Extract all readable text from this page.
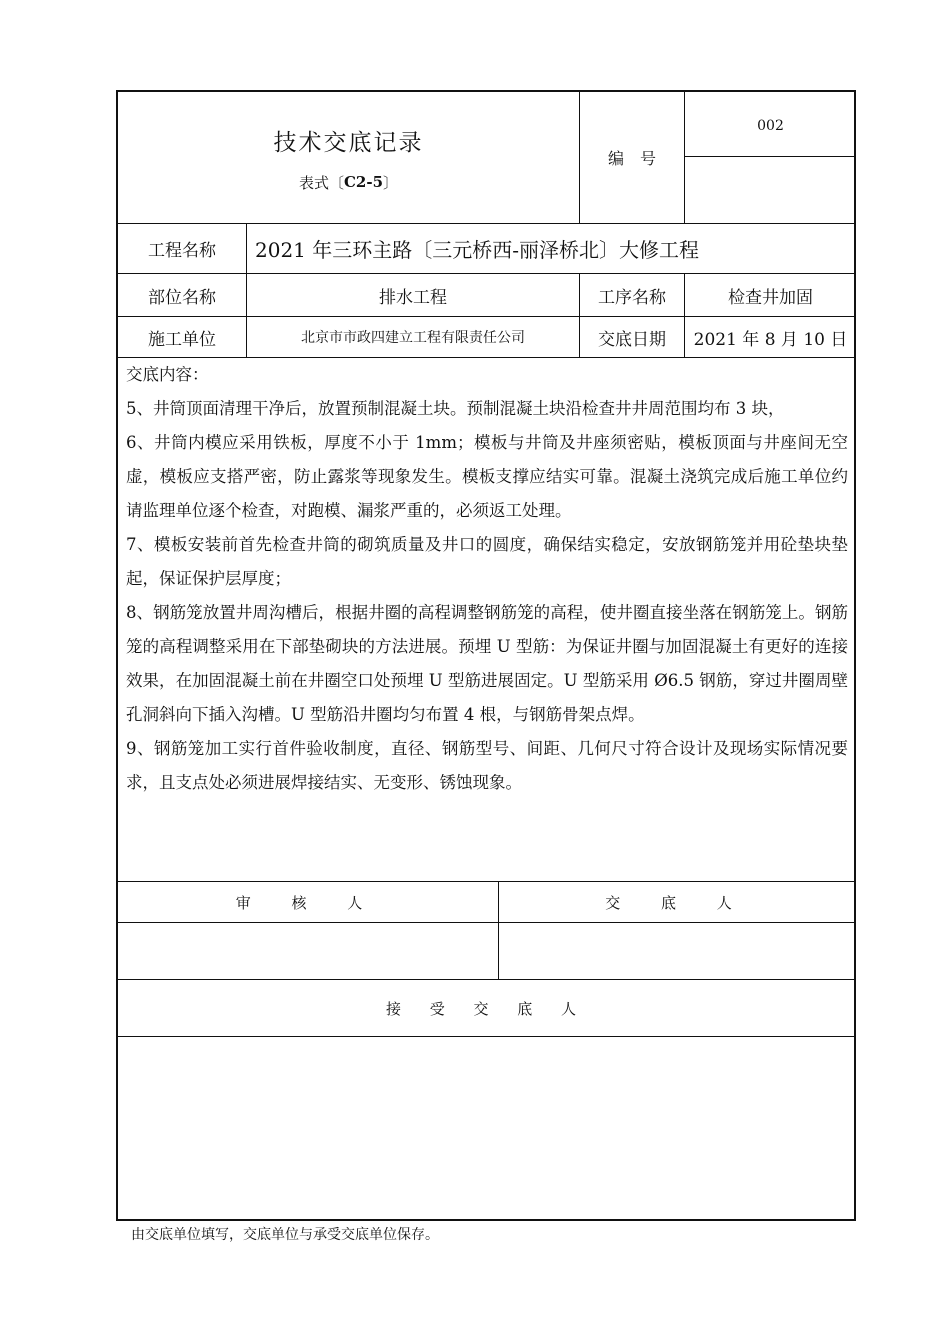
技术交底记录
表式〔 C2-5 〕
编　号
002
工程名称	2021 年三环主路〔三元桥西-丽泽桥北〕大修工程
部位名称	排水工程	工序名称	检查井加固
施工单位	北京市市政四建立工程有限责任公司	交底日期	2021 年 8 月 10 日

交底内容：

5、井筒顶面清理干净后，放置预制混凝土块。预制混凝土块沿检查井井周范围均布 3 块，

6、井筒内模应采用铁板，厚度不小于 1mm；模板与井筒及井座须密贴，模板顶面与井座间无空虚，模板应支搭严密，防止露浆等现象发生。模板支撑应结实可靠。混凝土浇筑完成后施工单位约请监理单位逐个检查，对跑模、漏浆严重的，必须返工处理。

7、模板安装前首先检查井筒的砌筑质量及井口的圆度，确保结实稳定，安放钢筋笼并用砼垫块垫起，保证保护层厚度；

8、钢筋笼放置井周沟槽后，根据井圈的高程调整钢筋笼的高程，使井圈直接坐落在钢筋笼上。钢筋笼的高程调整采用在下部垫砌块的方法进展。预埋 U 型筋：为保证井圈与加固混凝土有更好的连接效果，在加固混凝土前在井圈空口处预埋 U 型筋进展固定。U 型筋采用 Ø6.5 钢筋，穿过井圈周壁孔洞斜向下插入沟槽。U 型筋沿井圈均匀布置 4 根，与钢筋骨架点焊。

9、钢筋笼加工实行首件验收制度，直径、钢筋型号、间距、几何尺寸符合设计及现场实际情况要求，且支点处必须进展焊接结实、无变形、锈蚀现象。

审 核 人	交 底 人
接 受 交 底 人
由交底单位填写，交底单位与承受交底单位保存。
